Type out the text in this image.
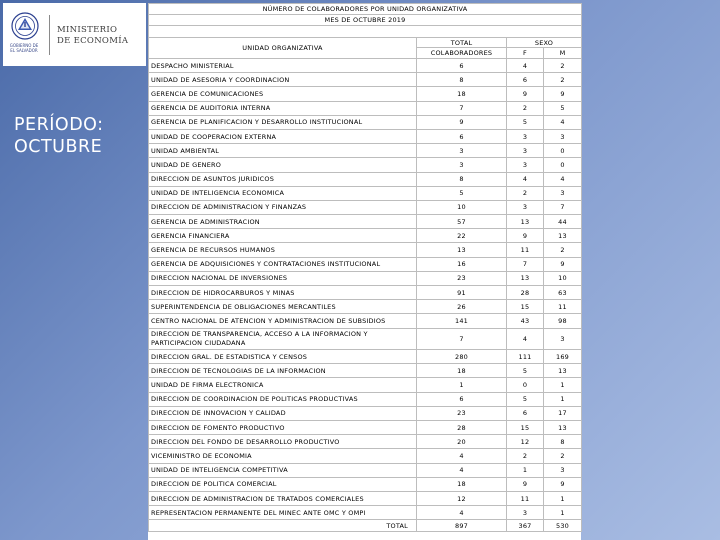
GOBIERNO DE EL SALVADOR
MINISTERIO
DE ECONOMÍA
PERÍODO:
OCTUBRE
NÚMERO DE COLABORADORES POR UNIDAD ORGANIZATIVA			
MES DE OCTUBRE 2019			

UNIDAD ORGANIZATIVA	TOTAL	SEXO	
	COLABORADORES	F	M
DESPACHO MINISTERIAL	6	4	2
UNIDAD DE ASESORIA Y COORDINACION	8	6	2
GERENCIA DE COMUNICACIONES	18	9	9
GERENCIA DE AUDITORIA INTERNA	7	2	5
GERENCIA DE PLANIFICACION Y DESARROLLO INSTITUCIONAL	9	5	4
UNIDAD DE COOPERACION EXTERNA	6	3	3
UNIDAD AMBIENTAL	3	3	0
UNIDAD DE GENERO	3	3	0
DIRECCION DE ASUNTOS JURIDICOS	8	4	4
UNIDAD DE INTELIGENCIA ECONOMICA	5	2	3
DIRECCION DE ADMINISTRACION Y FINANZAS	10	3	7
GERENCIA DE ADMINISTRACION	57	13	44
GERENCIA FINANCIERA	22	9	13
GERENCIA DE RECURSOS HUMANOS	13	11	2
GERENCIA DE ADQUISICIONES Y CONTRATACIONES INSTITUCIONAL	16	7	9
DIRECCION NACIONAL DE INVERSIONES	23	13	10
DIRECCION DE HIDROCARBUROS Y MINAS	91	28	63
SUPERINTENDENCIA DE OBLIGACIONES MERCANTILES	26	15	11
CENTRO NACIONAL DE ATENCION Y ADMINISTRACION DE SUBSIDIOS	141	43	98
DIRECCION DE TRANSPARENCIA, ACCESO A LA INFORMACION Y PARTICIPACION CIUDADANA	7	4	3
DIRECCION GRAL. DE ESTADISTICA Y CENSOS	280	111	169
DIRECCION DE TECNOLOGIAS DE LA INFORMACION	18	5	13
UNIDAD DE FIRMA ELECTRONICA	1	0	1
DIRECCION DE COORDINACION DE POLITICAS PRODUCTIVAS	6	5	1
DIRECCION DE INNOVACION Y CALIDAD	23	6	17
DIRECCION DE FOMENTO PRODUCTIVO	28	15	13
DIRECCION DEL FONDO DE DESARROLLO PRODUCTIVO	20	12	8
VICEMINISTRO DE ECONOMIA	4	2	2
UNIDAD DE INTELIGENCIA COMPETITIVA	4	1	3
DIRECCION DE POLITICA COMERCIAL	18	9	9
DIRECCION DE ADMINISTRACION DE TRATADOS COMERCIALES	12	11	1
REPRESENTACION PERMANENTE DEL MINEC ANTE OMC Y OMPI	4	3	1
TOTAL	897	367	530
